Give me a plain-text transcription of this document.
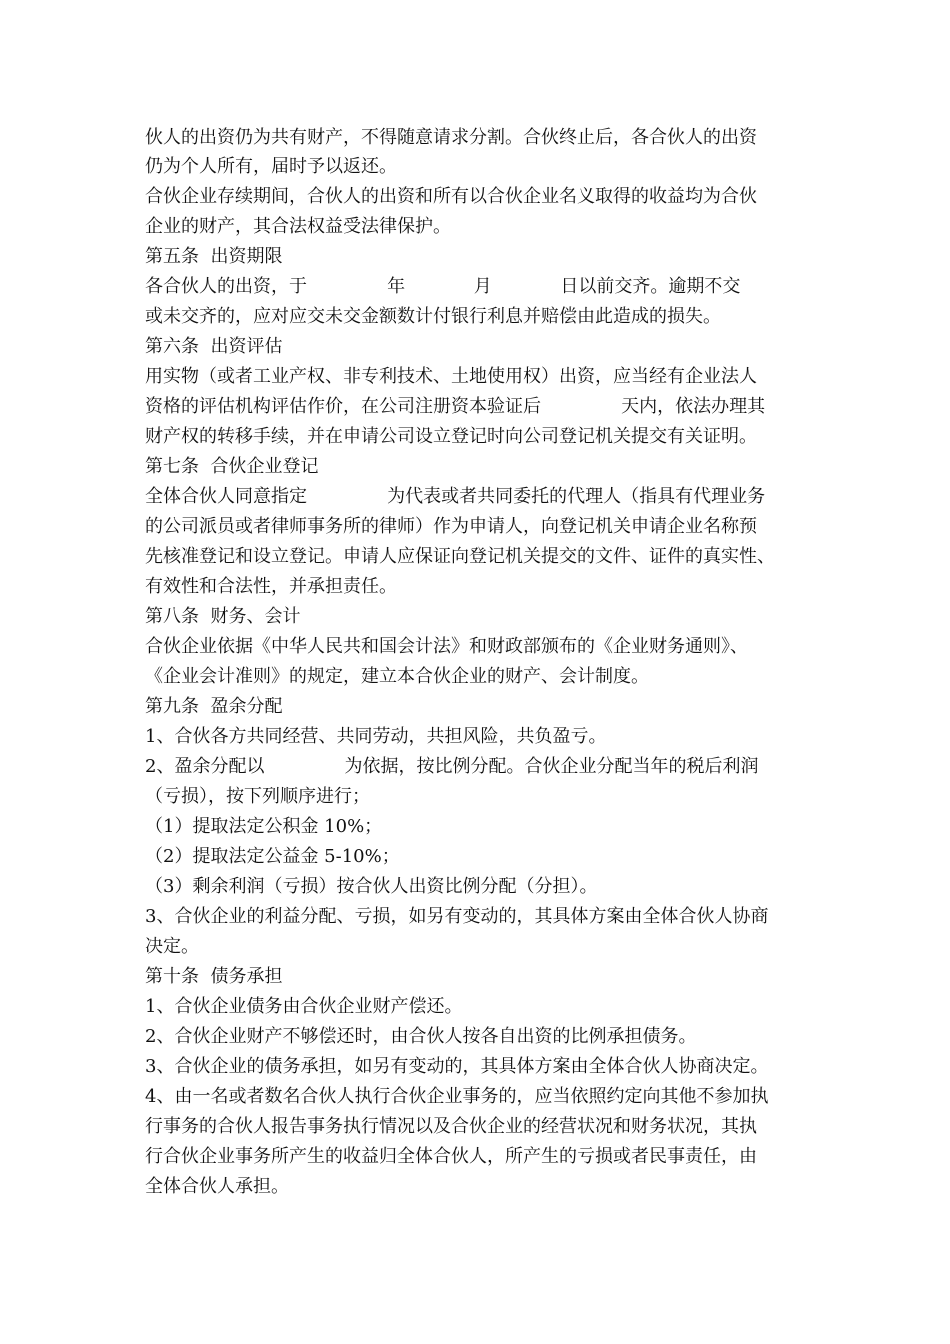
伙人的出资仍为共有财产，不得随意请求分割。合伙终止后，各合伙人的出资
仍为个人所有，届时予以返还。
合伙企业存续期间，合伙人的出资和所有以合伙企业名义取得的收益均为合伙
企业的财产，其合法权益受法律保护。
第五条  出资期限
各合伙人的出资，于              年            月            日以前交齐。逾期不交
或未交齐的，应对应交未交金额数计付银行利息并赔偿由此造成的损失。
第六条  出资评估
用实物（或者工业产权、非专利技术、土地使用权）出资，应当经有企业法人
资格的评估机构评估作价，在公司注册资本验证后              天内，依法办理其
财产权的转移手续，并在申请公司设立登记时向公司登记机关提交有关证明。
第七条  合伙企业登记
全体合伙人同意指定              为代表或者共同委托的代理人（指具有代理业务
的公司派员或者律师事务所的律师）作为申请人，向登记机关申请企业名称预
先核准登记和设立登记。申请人应保证向登记机关提交的文件、证件的真实性、
有效性和合法性，并承担责任。
第八条  财务、会计
合伙企业依据《中华人民共和国会计法》和财政部颁布的《企业财务通则》、
《企业会计准则》的规定，建立本合伙企业的财产、会计制度。
第九条  盈余分配
1、合伙各方共同经营、共同劳动，共担风险，共负盈亏。
2、盈余分配以              为依据，按比例分配。合伙企业分配当年的税后利润
（亏损），按下列顺序进行；
（1）提取法定公积金 10%；
（2）提取法定公益金 5-10%；
（3）剩余利润（亏损）按合伙人出资比例分配（分担）。
3、合伙企业的利益分配、亏损，如另有变动的，其具体方案由全体合伙人协商
决定。
第十条  债务承担
1、合伙企业债务由合伙企业财产偿还。
2、合伙企业财产不够偿还时，由合伙人按各自出资的比例承担债务。
3、合伙企业的债务承担，如另有变动的，其具体方案由全体合伙人协商决定。
4、由一名或者数名合伙人执行合伙企业事务的，应当依照约定向其他不参加执
行事务的合伙人报告事务执行情况以及合伙企业的经营状况和财务状况，其执
行合伙企业事务所产生的收益归全体合伙人，所产生的亏损或者民事责任，由
全体合伙人承担。
